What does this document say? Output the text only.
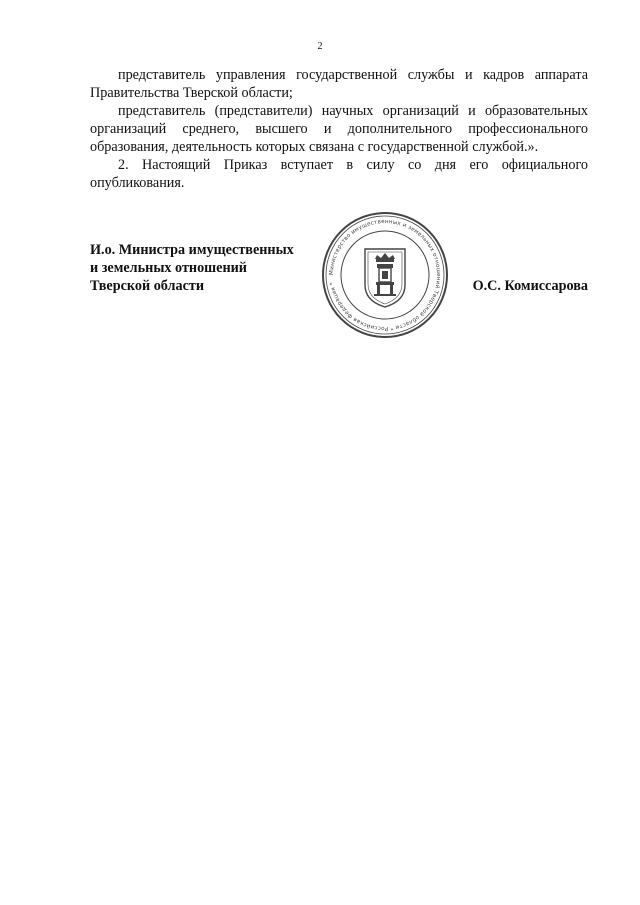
2

представитель управления государственной службы и кадров аппарата Правительства Тверской области;

представитель (представители) научных организаций и образовательных организаций среднего, высшего и дополнительного профессионального образования, деятельность которых связана с государственной службой.».

2. Настоящий Приказ вступает в силу со дня его официального опубликования.

И.о. Министра имущественных
и земельных отношений
Тверской области	О.С. Комиссарова
Министерство имущественных и земельных отношений Тверской области * Российская Федерация *
